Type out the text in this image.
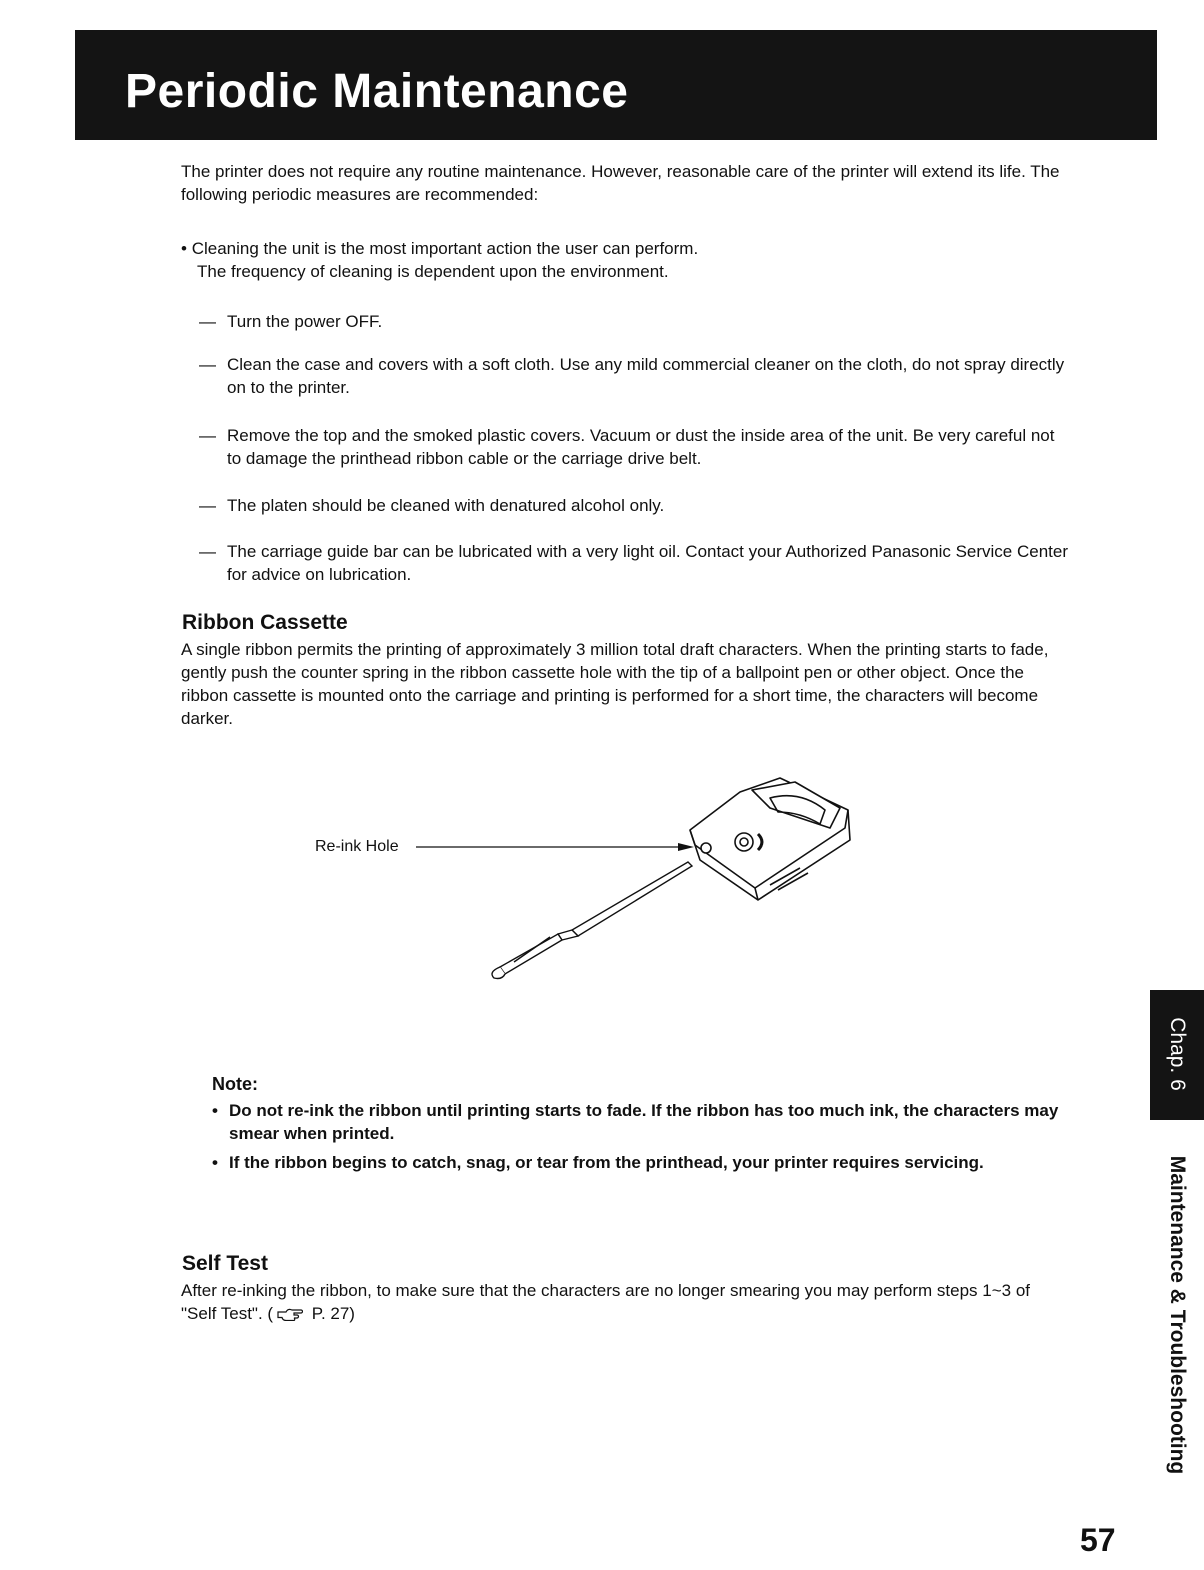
Periodic Maintenance

The printer does not require any routine maintenance. However, reasonable care of the printer will extend its life. The following periodic measures are recommended:

• Cleaning the unit is the most important action the user can perform.
The frequency of cleaning is dependent upon the environment.
— Turn the power OFF.
— Clean the case and covers with a soft cloth. Use any mild commercial cleaner on the cloth, do not spray directly on to the printer.
— Remove the top and the smoked plastic covers. Vacuum or dust the inside area of the unit. Be very careful not to damage the printhead ribbon cable or the carriage drive belt.
— The platen should be cleaned with denatured alcohol only.
— The carriage guide bar can be lubricated with a very light oil. Contact your Authorized Panasonic Service Center for advice on lubrication.
Ribbon Cassette

A single ribbon permits the printing of approximately 3 million total draft characters. When the printing starts to fade, gently push the counter spring in the ribbon cassette hole with the tip of a ballpoint pen or other object. Once the ribbon cassette is mounted onto the carriage and printing is performed for a short time, the characters will become darker.

Re-ink Hole
Note:
• Do not re-ink the ribbon until printing starts to fade. If the ribbon has too much ink, the characters may smear when printed.
• If the ribbon begins to catch, snag, or tear from the printhead, your printer requires servicing.
Self Test

After re-inking the ribbon, to make sure that the characters are no longer smearing you may perform steps 1~3 of "Self Test". ( P. 27)

Chap. 6
Maintenance & Troubleshooting
57
